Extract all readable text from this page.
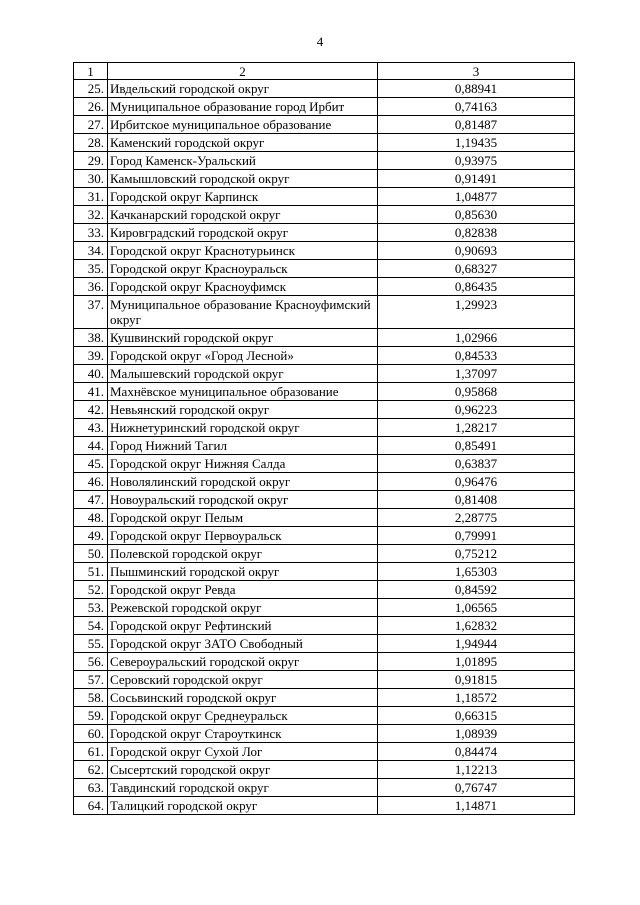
4
1	2	3
25.	Ивдельский городской округ	0,88941
26.	Муниципальное образование город Ирбит	0,74163
27.	Ирбитское муниципальное образование	0,81487
28.	Каменский городской округ	1,19435
29.	Город Каменск-Уральский	0,93975
30.	Камышловский городской округ	0,91491
31.	Городской округ Карпинск	1,04877
32.	Качканарский городской округ	0,85630
33.	Кировградский городской округ	0,82838
34.	Городской округ Краснотурьинск	0,90693
35.	Городской округ Красноуральск	0,68327
36.	Городской округ Красноуфимск	0,86435
37.	Муниципальное образование Красноуфимский округ	1,29923
38.	Кушвинский городской округ	1,02966
39.	Городской округ «Город Лесной»	0,84533
40.	Малышевский городской округ	1,37097
41.	Махнёвское муниципальное образование	0,95868
42.	Невьянский городской округ	0,96223
43.	Нижнетуринский городской округ	1,28217
44.	Город Нижний Тагил	0,85491
45.	Городской округ Нижняя Салда	0,63837
46.	Новолялинский городской округ	0,96476
47.	Новоуральский городской округ	0,81408
48.	Городской округ Пелым	2,28775
49.	Городской округ Первоуральск	0,79991
50.	Полевской городской округ	0,75212
51.	Пышминский городской округ	1,65303
52.	Городской округ Ревда	0,84592
53.	Режевской городской округ	1,06565
54.	Городской округ Рефтинский	1,62832
55.	Городской округ ЗАТО Свободный	1,94944
56.	Североуральский городской округ	1,01895
57.	Серовский городской округ	0,91815
58.	Сосьвинский городской округ	1,18572
59.	Городской округ Среднеуральск	0,66315
60.	Городской округ Староуткинск	1,08939
61.	Городской округ Сухой Лог	0,84474
62.	Сысертский городской округ	1,12213
63.	Тавдинский городской округ	0,76747
64.	Талицкий городской округ	1,14871
